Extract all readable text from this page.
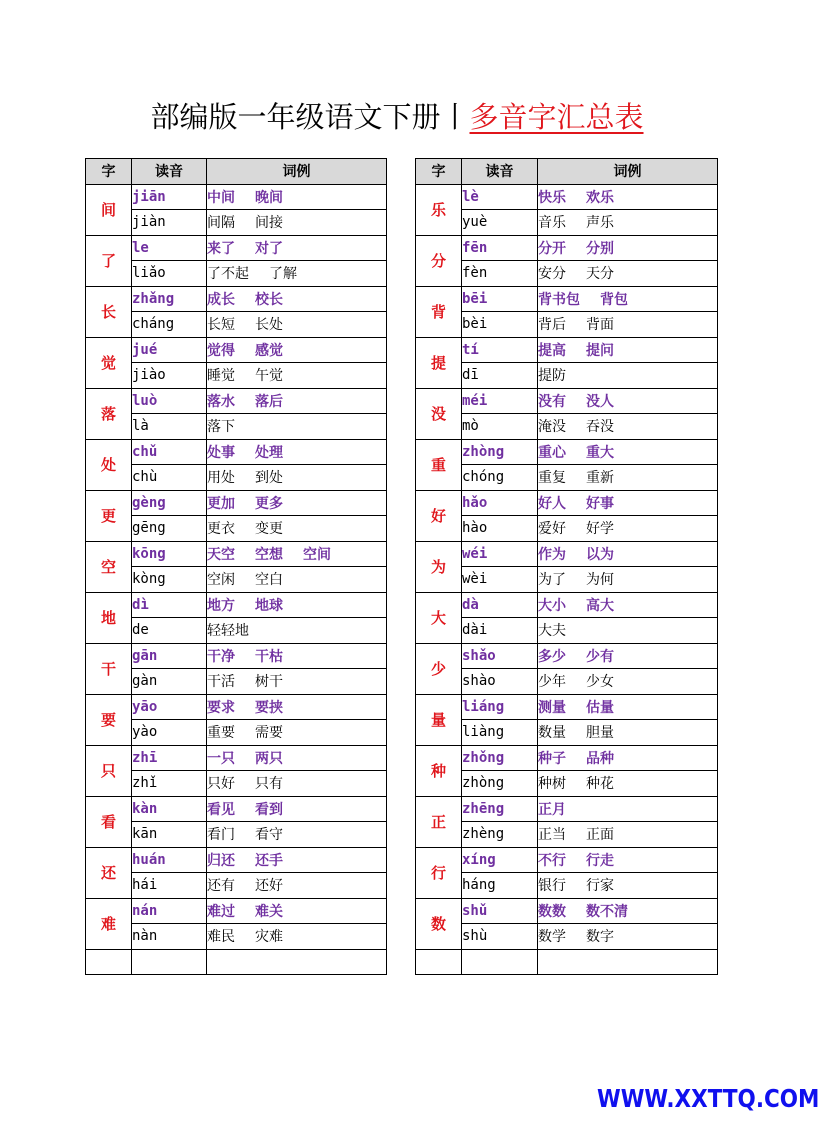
部编版一年级语文下册丨多音字汇总表
字	读音	词例
间	jiān	中间 晚间
	jiàn	间隔 间接
了	le	来了 对了
	liǎo	了不起 了解
长	zhǎng	成长 校长
	cháng	长短 长处
觉	jué	觉得 感觉
	jiào	睡觉 午觉
落	luò	落水 落后
	là	落下
处	chǔ	处事 处理
	chù	用处 到处
更	gèng	更加 更多
	gēng	更衣 变更
空	kōng	天空 空想 空间
	kòng	空闲 空白
地	dì	地方 地球
	de	轻轻地
干	gān	干净 干枯
	gàn	干活 树干
要	yāo	要求 要挟
	yào	重要 需要
只	zhī	一只 两只
	zhǐ	只好 只有
看	kàn	看见 看到
	kān	看门 看守
还	huán	归还 还手
	hái	还有 还好
难	nán	难过 难关
	nàn	难民 灾难

字	读音	词例
乐	lè	快乐 欢乐
	yuè	音乐 声乐
分	fēn	分开 分别
	fèn	安分 天分
背	bēi	背书包 背包
	bèi	背后 背面
提	tí	提高 提问
	dī	提防
没	méi	没有 没人
	mò	淹没 吞没
重	zhòng	重心 重大
	chóng	重复 重新
好	hǎo	好人 好事
	hào	爱好 好学
为	wéi	作为 以为
	wèi	为了 为何
大	dà	大小 高大
	dài	大夫
少	shǎo	多少 少有
	shào	少年 少女
量	liáng	测量 估量
	liàng	数量 胆量
种	zhǒng	种子 品种
	zhòng	种树 种花
正	zhēng	正月
	zhèng	正当 正面
行	xíng	不行 行走
	háng	银行 行家
数	shǔ	数数 数不清
	shù	数学 数字

WWW.XXTTQ.COM
